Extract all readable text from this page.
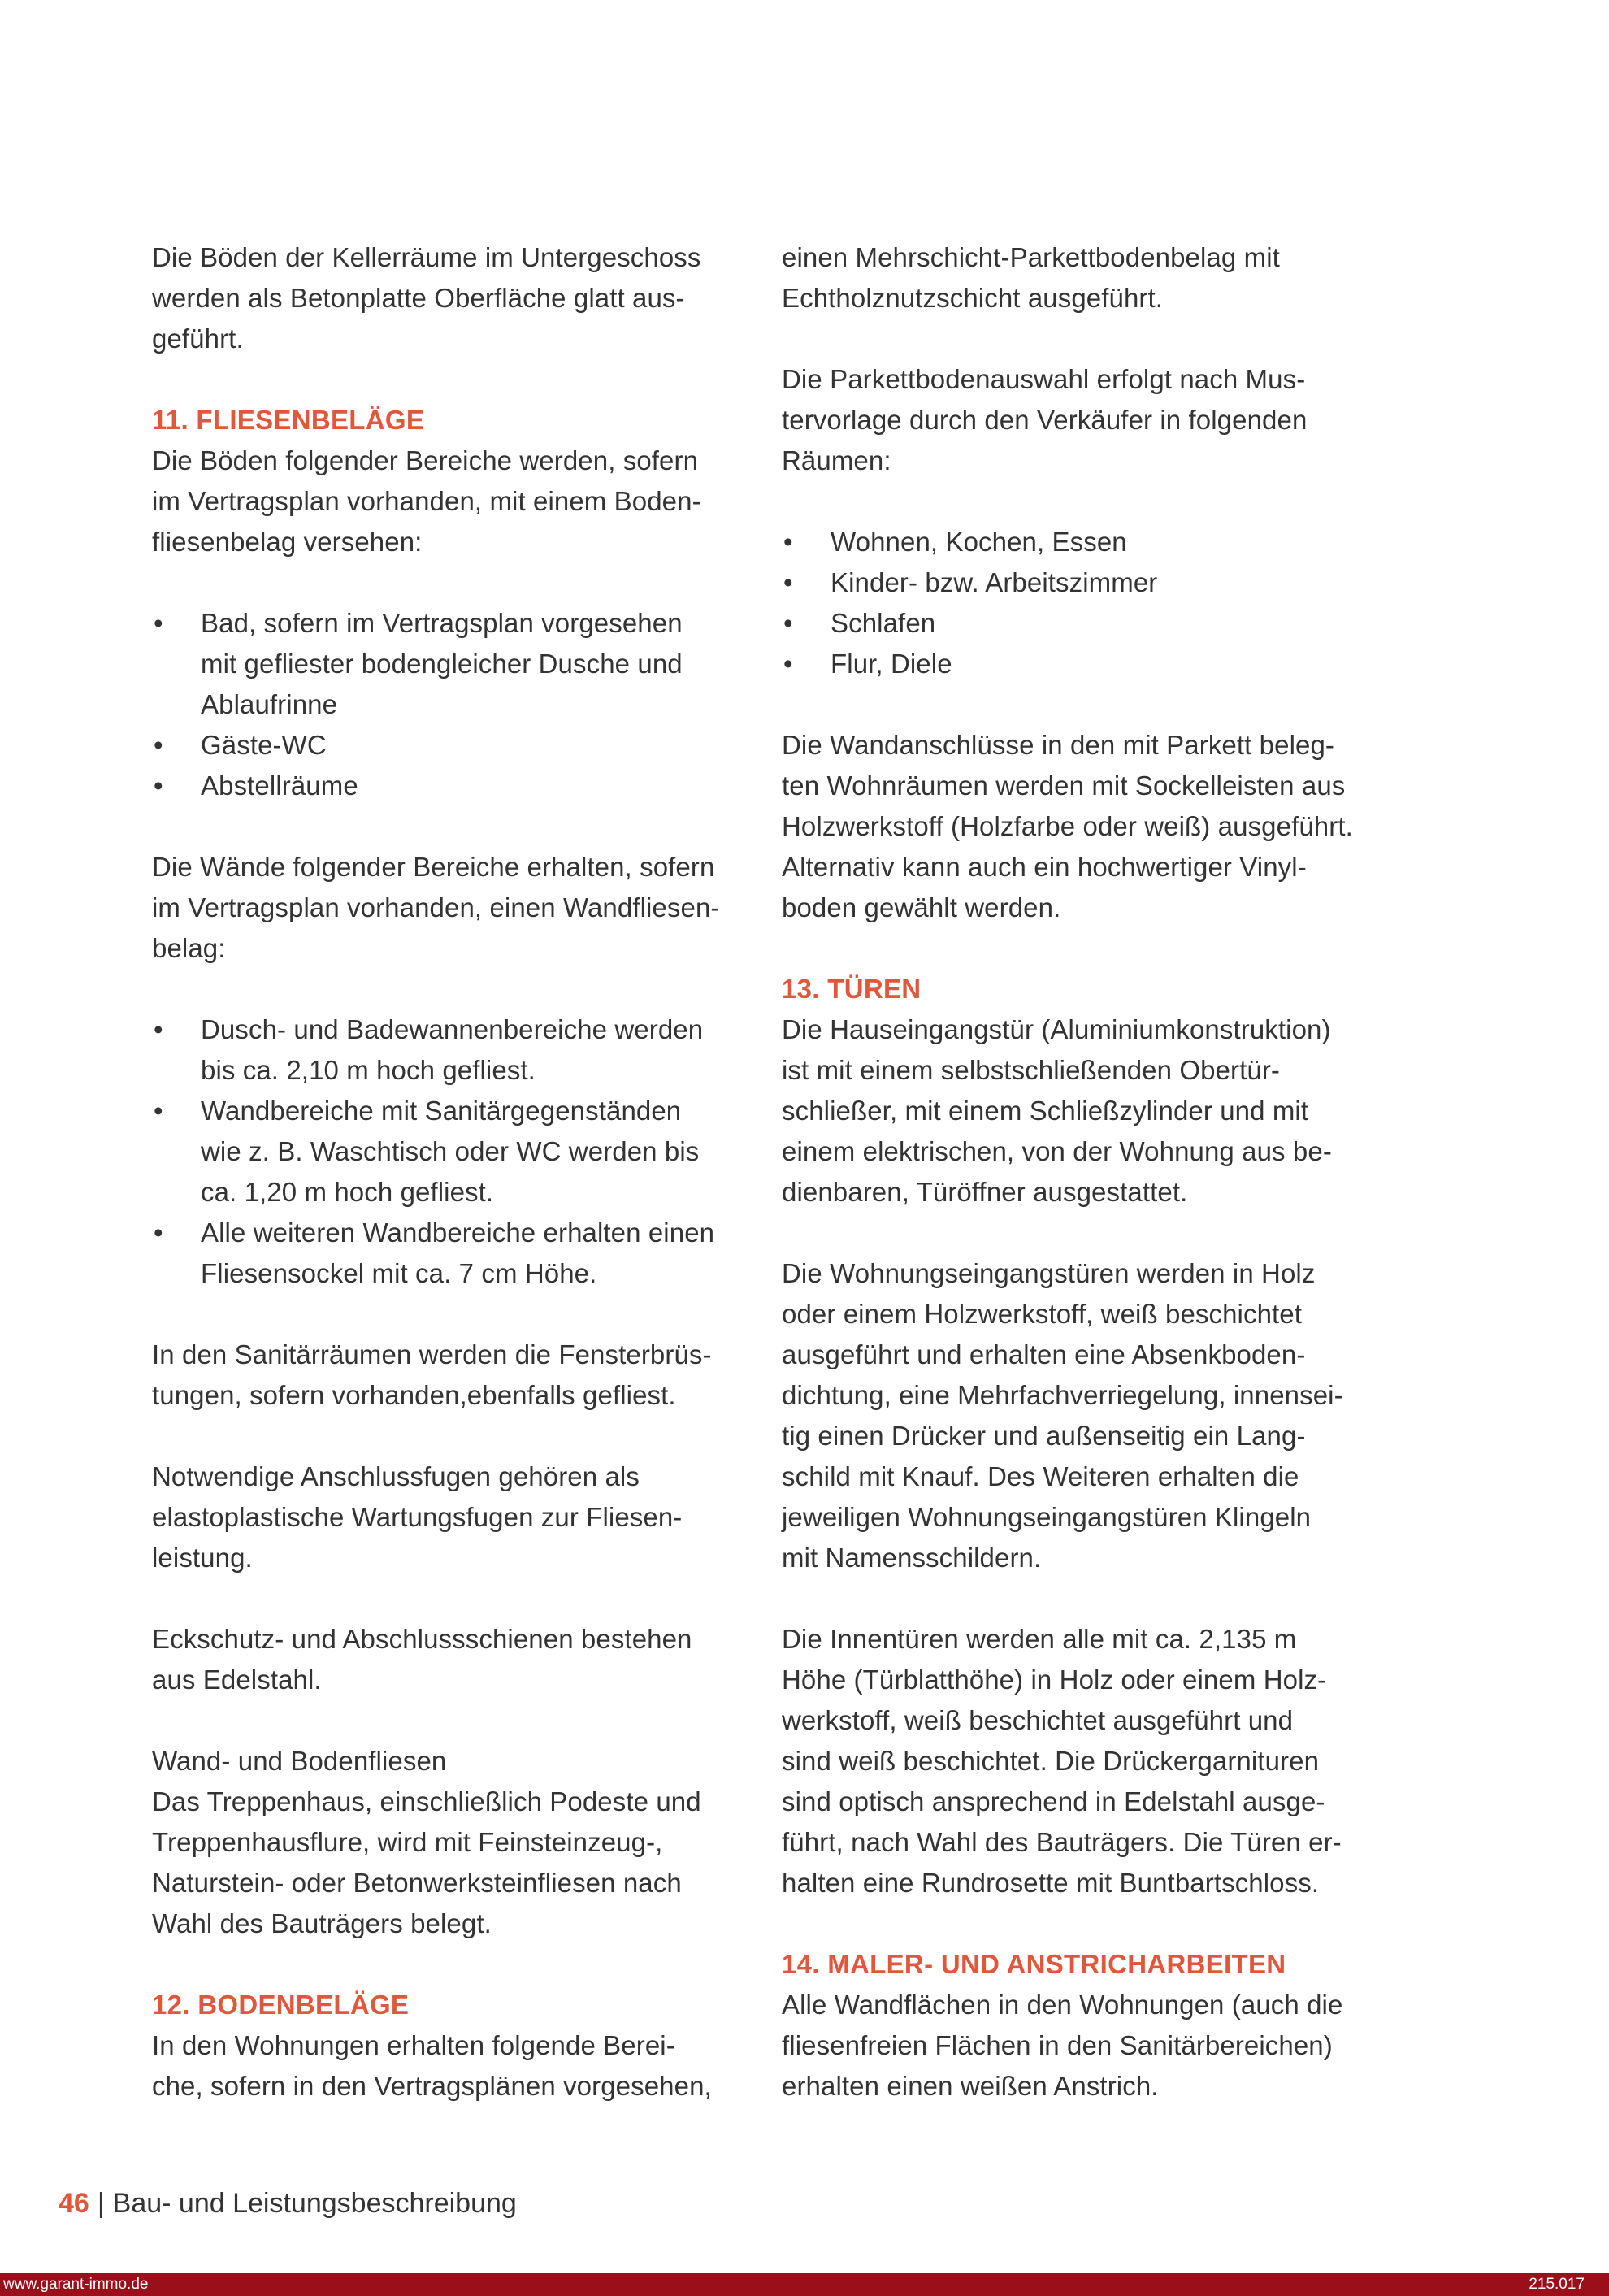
Die Böden der Kellerräume im Untergeschoss
werden als Betonplatte Oberfläche glatt aus-
geführt.

11. FLIESENBELÄGE

Die Böden folgender Bereiche werden, sofern
im Vertragsplan vorhanden, mit einem Boden-
fliesenbelag versehen:

• Bad, sofern im Vertragsplan vorgesehen
mit gefliester bodengleicher Dusche und
Ablaufrinne
• Gäste-WC
• Abstellräume

Die Wände folgender Bereiche erhalten, sofern
im Vertragsplan vorhanden, einen Wandfliesen-
belag:

• Dusch- und Badewannenbereiche werden
bis ca. 2,10 m hoch gefliest.
• Wandbereiche mit Sanitärgegenständen
wie z. B. Waschtisch oder WC werden bis
ca. 1,20 m hoch gefliest.
• Alle weiteren Wandbereiche erhalten einen
Fliesensockel mit ca. 7 cm Höhe.

In den Sanitärräumen werden die Fensterbrüs-
tungen, sofern vorhanden,ebenfalls gefliest.

Notwendige Anschlussfugen gehören als
elastoplastische Wartungsfugen zur Fliesen-
leistung.

Eckschutz- und Abschlussschienen bestehen
aus Edelstahl.

Wand- und Bodenfliesen
Das Treppenhaus, einschließlich Podeste und
Treppenhausflure, wird mit Feinsteinzeug-,
Naturstein- oder Betonwerksteinfliesen nach
Wahl des Bauträgers belegt.

12. BODENBELÄGE

In den Wohnungen erhalten folgende Berei-
che, sofern in den Vertragsplänen vorgesehen,

einen Mehrschicht-Parkettbodenbelag mit
Echtholznutzschicht ausgeführt.

Die Parkettbodenauswahl erfolgt nach Mus-
tervorlage durch den Verkäufer in folgenden
Räumen:

• Wohnen, Kochen, Essen
• Kinder- bzw. Arbeitszimmer
• Schlafen
• Flur, Diele

Die Wandanschlüsse in den mit Parkett beleg-
ten Wohnräumen werden mit Sockelleisten aus
Holzwerkstoff (Holzfarbe oder weiß) ausgeführt.
Alternativ kann auch ein hochwertiger Vinyl-
boden gewählt werden.

13. TÜREN

Die Hauseingangstür (Aluminiumkonstruktion)
ist mit einem selbstschließenden Obertür-
schließer, mit einem Schließzylinder und mit
einem elektrischen, von der Wohnung aus be-
dienbaren, Türöffner ausgestattet.

Die Wohnungseingangstüren werden in Holz
oder einem Holzwerkstoff, weiß beschichtet
ausgeführt und erhalten eine Absenkboden-
dichtung, eine Mehrfachverriegelung, innensei-
tig einen Drücker und außenseitig ein Lang-
schild mit Knauf. Des Weiteren erhalten die
jeweiligen Wohnungseingangstüren Klingeln
mit Namensschildern.

Die Innentüren werden alle mit ca. 2,135 m
Höhe (Türblatthöhe) in Holz oder einem Holz-
werkstoff, weiß beschichtet ausgeführt und
sind weiß beschichtet. Die Drückergarnituren
sind optisch ansprechend in Edelstahl ausge-
führt, nach Wahl des Bauträgers. Die Türen er-
halten eine Rundrosette mit Buntbartschloss.

14. MALER- UND ANSTRICHARBEITEN

Alle Wandflächen in den Wohnungen (auch die
fliesenfreien Flächen in den Sanitärbereichen)
erhalten einen weißen Anstrich.

46 | Bau- und Leistungsbeschreibung
www.garant-immo.de	215.017
